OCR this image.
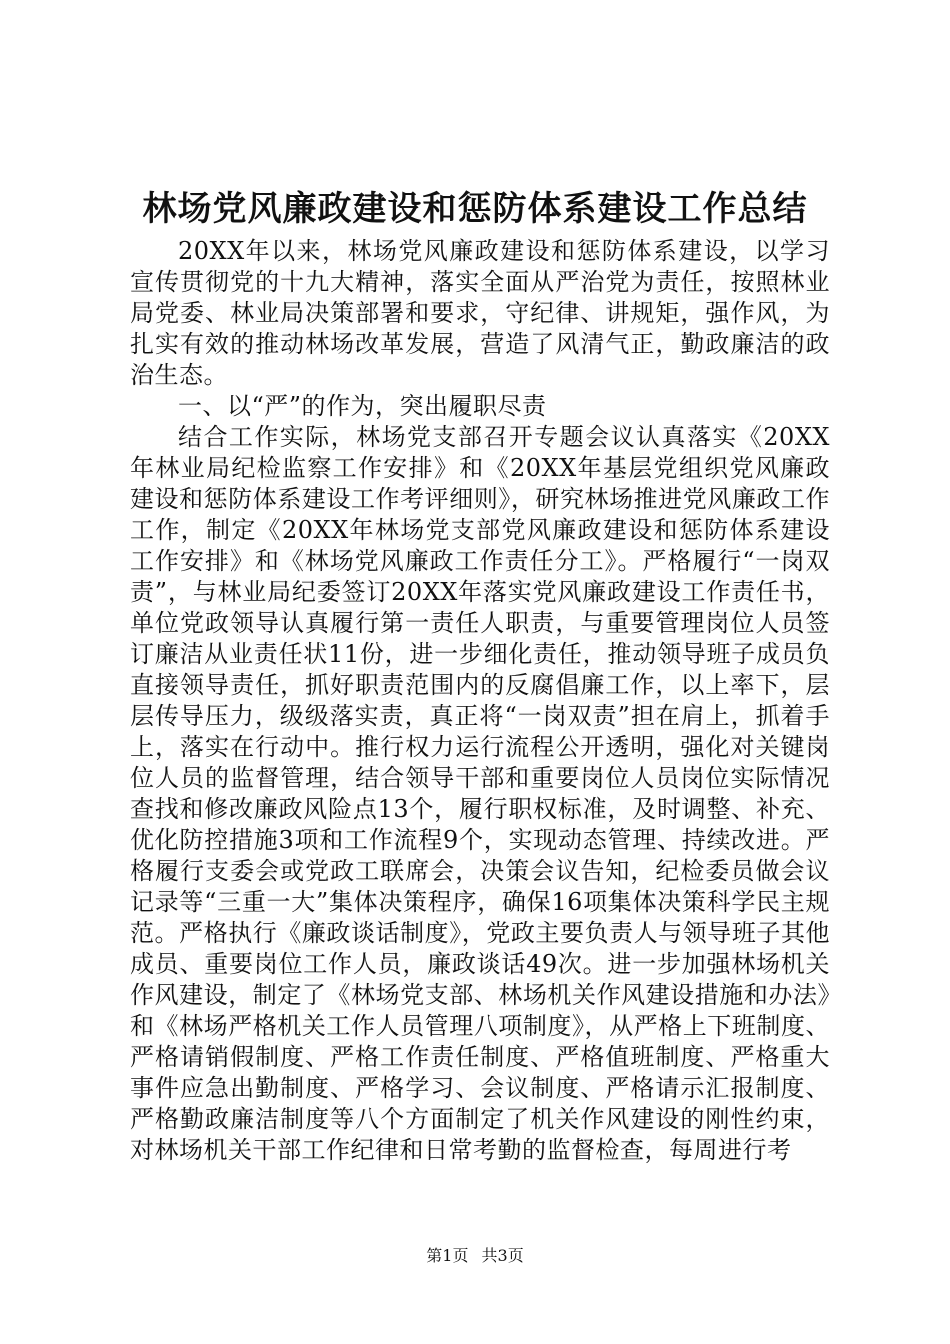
林场党风廉政建设和惩防体系建设工作总结

20XX年以来，林场党风廉政建设和惩防体系建设，以学习宣传贯彻党的十九大精神，落实全面从严治党为责任，按照林业局党委、林业局决策部署和要求，守纪律、讲规矩，强作风，为扎实有效的推动林场改革发展，营造了风清气正，勤政廉洁的政治生态。

一、以“严”的作为，突出履职尽责

结合工作实际，林场党支部召开专题会议认真落实《20XX年林业局纪检监察工作安排》和《20XX年基层党组织党风廉政建设和惩防体系建设工作考评细则》，研究林场推进党风廉政工作工作，制定《20XX年林场党支部党风廉政建设和惩防体系建设工作安排》和《林场党风廉政工作责任分工》。严格履行“一岗双责”，与林业局纪委签订20XX年落实党风廉政建设工作责任书，单位党政领导认真履行第一责任人职责，与重要管理岗位人员签订廉洁从业责任状11份，进一步细化责任，推动领导班子成员负直接领导责任，抓好职责范围内的反腐倡廉工作，以上率下，层层传导压力，级级落实责，真正将“一岗双责”担在肩上，抓着手上，落实在行动中。推行权力运行流程公开透明，强化对关键岗位人员的监督管理，结合领导干部和重要岗位人员岗位实际情况查找和修改廉政风险点13个，履行职权标准，及时调整、补充、优化防控措施3项和工作流程9个，实现动态管理、持续改进。严格履行支委会或党政工联席会，决策会议告知，纪检委员做会议记录等“三重一大”集体决策程序，确保16项集体决策科学民主规范。严格执行《廉政谈话制度》，党政主要负责人与领导班子其他成员、重要岗位工作人员，廉政谈话49次。进一步加强林场机关作风建设，制定了《林场党支部、林场机关作风建设措施和办法》和《林场严格机关工作人员管理八项制度》，从严格上下班制度、严格请销假制度、严格工作责任制度、严格值班制度、严格重大事件应急出勤制度、严格学习、会议制度、严格请示汇报制度、严格勤政廉洁制度等八个方面制定了机关作风建设的刚性约束，对林场机关干部工作纪律和日常考勤的监督检查，每周进行考

第1页 共3页
